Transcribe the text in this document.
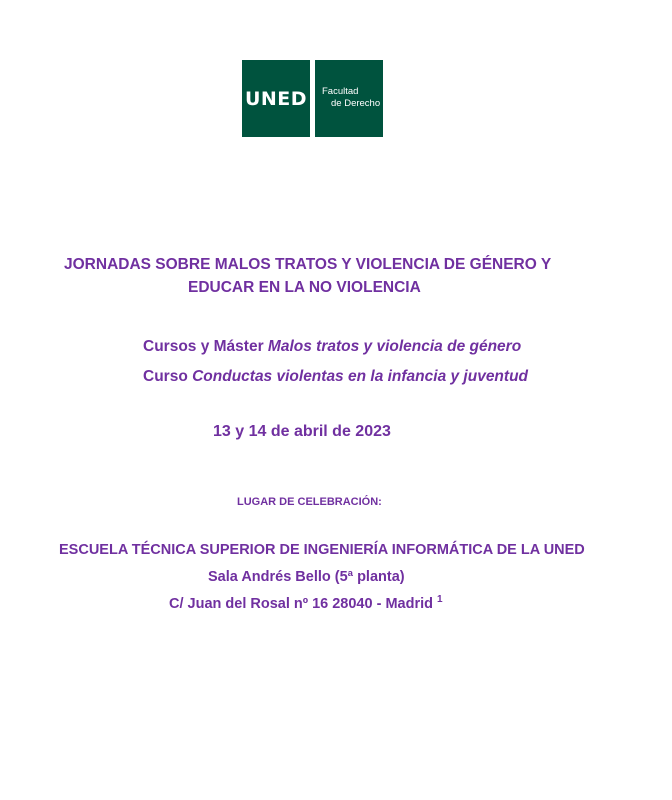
UNED	Facultad
de Derecho
JORNADAS SOBRE MALOS TRATOS Y VIOLENCIA DE GÉNERO Y
EDUCAR EN LA NO VIOLENCIA
Cursos y Máster Malos tratos y violencia de género
Curso Conductas violentas en la infancia y juventud
13 y 14 de abril de 2023
LUGAR DE CELEBRACIÓN:
ESCUELA TÉCNICA SUPERIOR DE INGENIERÍA INFORMÁTICA DE LA UNED
Sala Andrés Bello (5ª planta)
C/ Juan del Rosal nº 16 28040 - Madrid $^1$
